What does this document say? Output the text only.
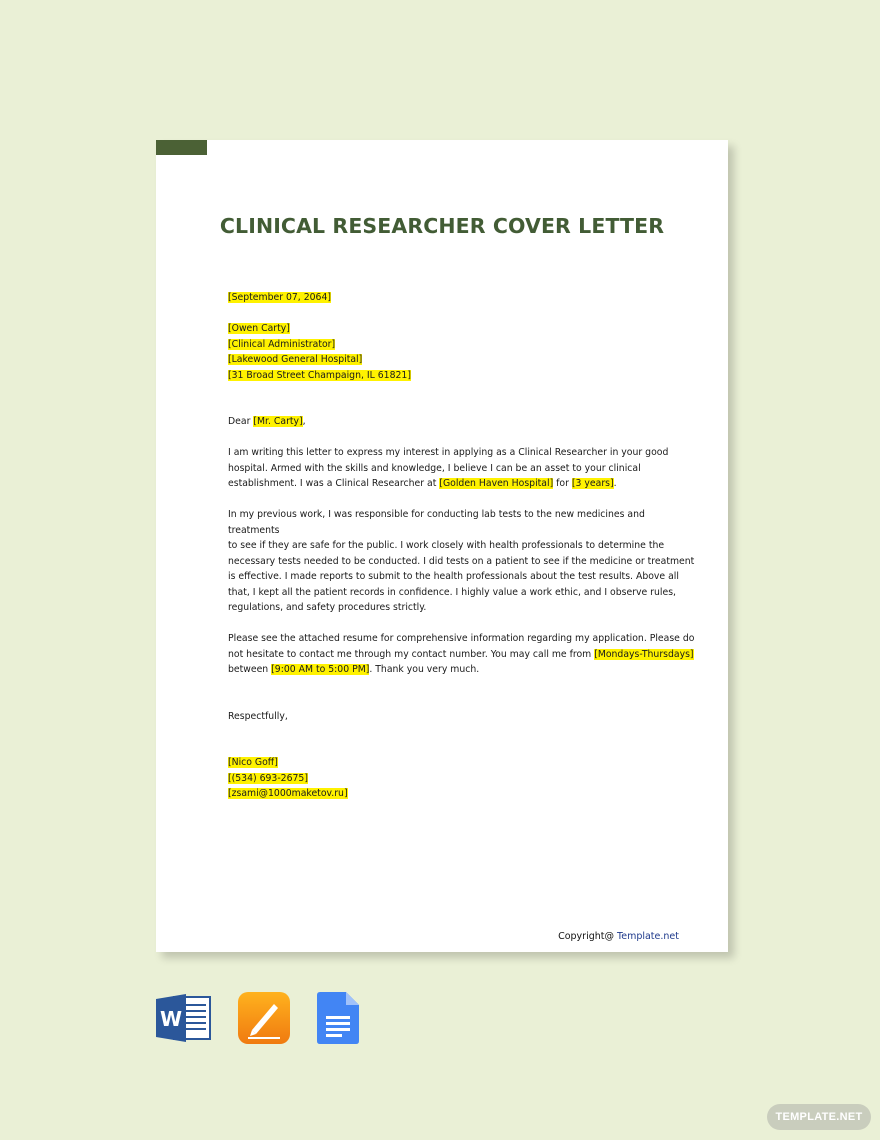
CLINICAL RESEARCHER COVER LETTER

[September 07, 2064]

[Owen Carty]

[Clinical Administrator]

[Lakewood General Hospital]

[31 Broad Street Champaign, IL 61821]

Dear [Mr. Carty],

I am writing this letter to express my interest in applying as a Clinical Researcher in your good

hospital. Armed with the skills and knowledge, I believe I can be an asset to your clinical

establishment. I was a Clinical Researcher at [Golden Haven Hospital] for [3 years].

In my previous work, I was responsible for conducting lab tests to the new medicines and treatments

to see if they are safe for the public. I work closely with health professionals to determine the

necessary tests needed to be conducted. I did tests on a patient to see if the medicine or treatment

is effective. I made reports to submit to the health professionals about the test results. Above all

that, I kept all the patient records in confidence. I highly value a work ethic, and I observe rules,

regulations, and safety procedures strictly.

Please see the attached resume for comprehensive information regarding my application. Please do

not hesitate to contact me through my contact number. You may call me from [Mondays-Thursdays]

between [9:00 AM to 5:00 PM]. Thank you very much.

Respectfully,

[Nico Goff]

[(534) 693-2675]

[zsami@1000maketov.ru]

Copyright@ Template.net
W
TEMPLATE.NET
